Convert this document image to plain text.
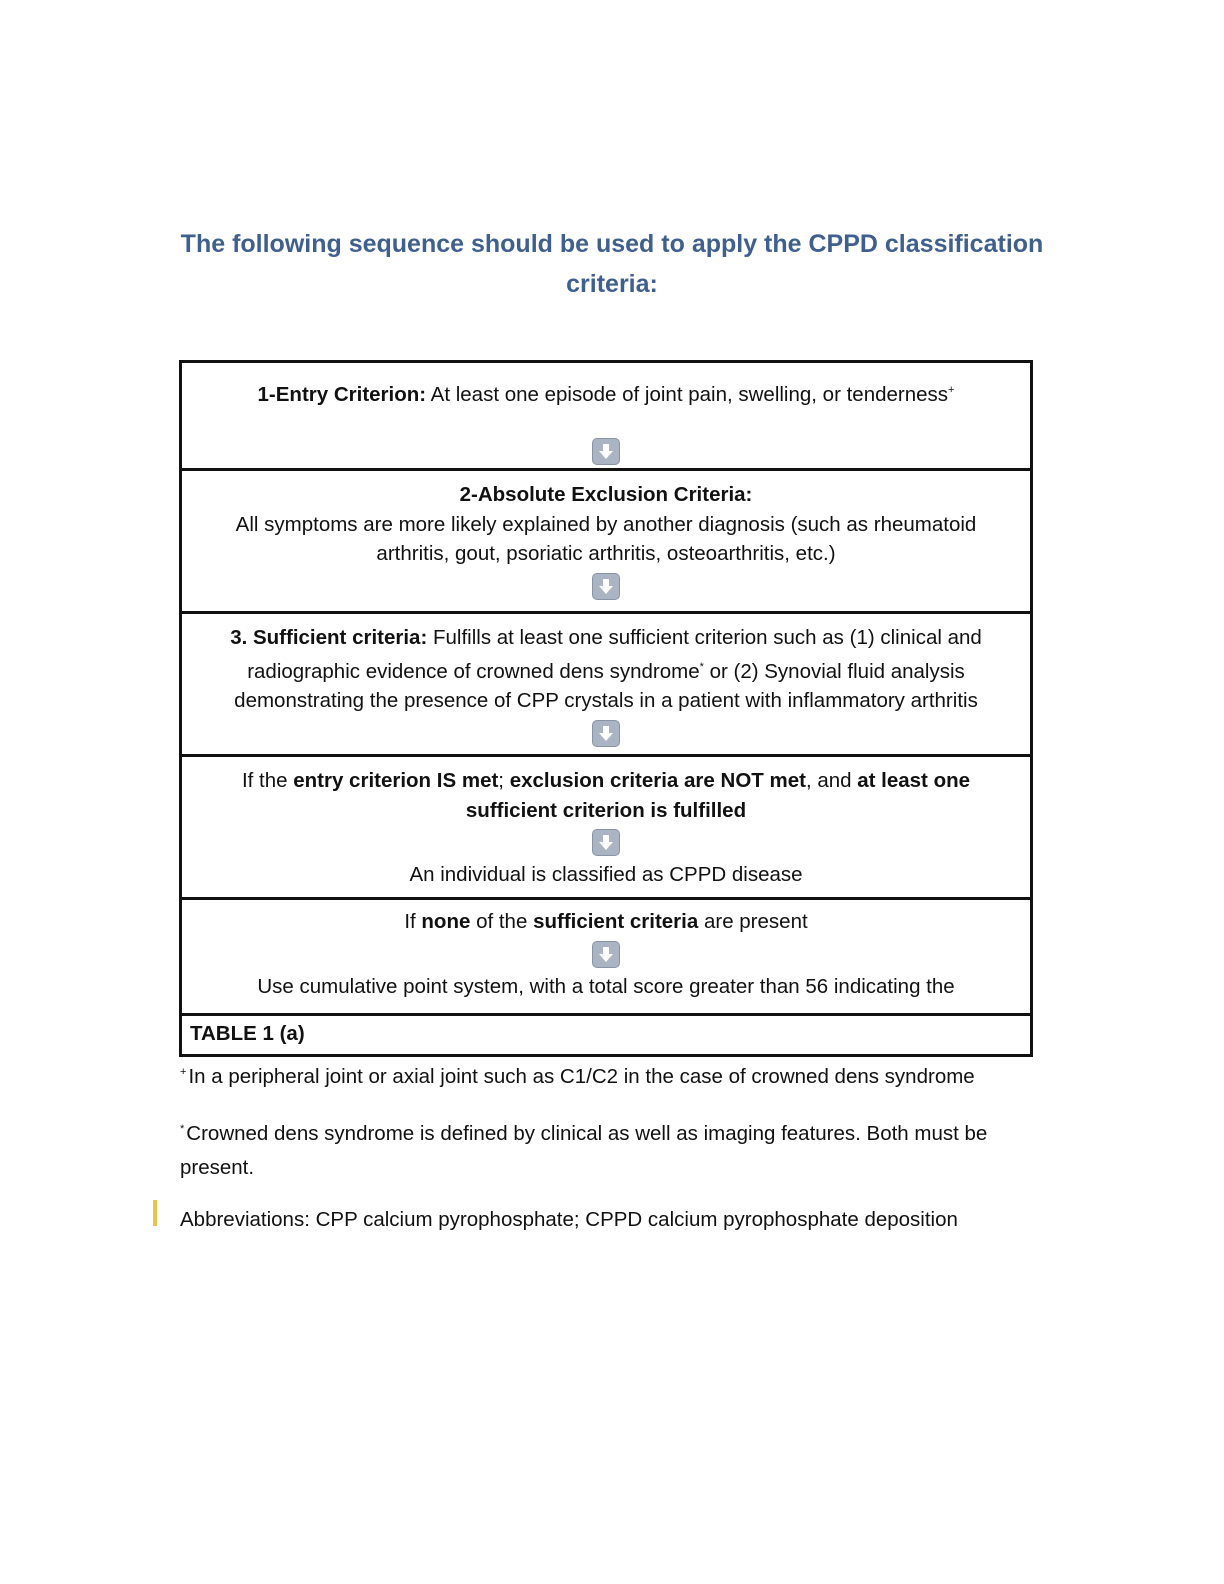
The following sequence should be used to apply the CPPD classification
criteria:

1-Entry Criterion: At least one episode of joint pain, swelling, or tenderness+

2-Absolute Exclusion Criteria:

All symptoms are more likely explained by another diagnosis (such as rheumatoid arthritis, gout, psoriatic arthritis, osteoarthritis, etc.)

3. Sufficient criteria: Fulfills at least one sufficient criterion such as (1) clinical and radiographic evidence of crowned dens syndrome* or (2) Synovial fluid analysis demonstrating the presence of CPP crystals in a patient with inflammatory arthritis

If the entry criterion IS met; exclusion criteria are NOT met, and at least one sufficient criterion is fulfilled

An individual is classified as CPPD disease

If none of the sufficient criteria are present

Use cumulative point system, with a total score greater than 56 indicating the

TABLE 1 (a)

+In a peripheral joint or axial joint such as C1/C2 in the case of crowned dens syndrome

*Crowned dens syndrome is defined by clinical as well as imaging features. Both must be present.

Abbreviations: CPP calcium pyrophosphate; CPPD calcium pyrophosphate deposition
